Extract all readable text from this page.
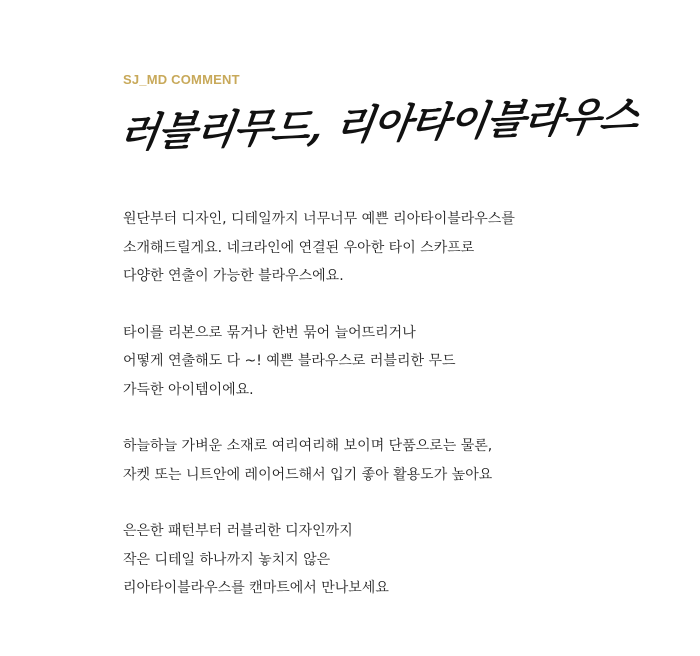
SJ_MD COMMENT
러블리무드, 리아타이블라우스
원단부터 디자인, 디테일까지 너무너무 예쁜 리아타이블라우스를
소개해드릴게요. 네크라인에 연결된 우아한 타이 스카프로
다양한 연출이 가능한 블라우스에요.
타이를 리본으로 묶거나 한번 묶어 늘어뜨리거나
어떻게 연출해도 다 ~! 예쁜 블라우스로 러블리한 무드
가득한 아이템이에요.
하늘하늘 가벼운 소재로 여리여리해 보이며 단품으로는 물론,
자켓 또는 니트안에 레이어드해서 입기 좋아 활용도가 높아요
은은한 패턴부터 러블리한 디자인까지
작은 디테일 하나까지 놓치지 않은
리아타이블라우스를 캔마트에서 만나보세요
